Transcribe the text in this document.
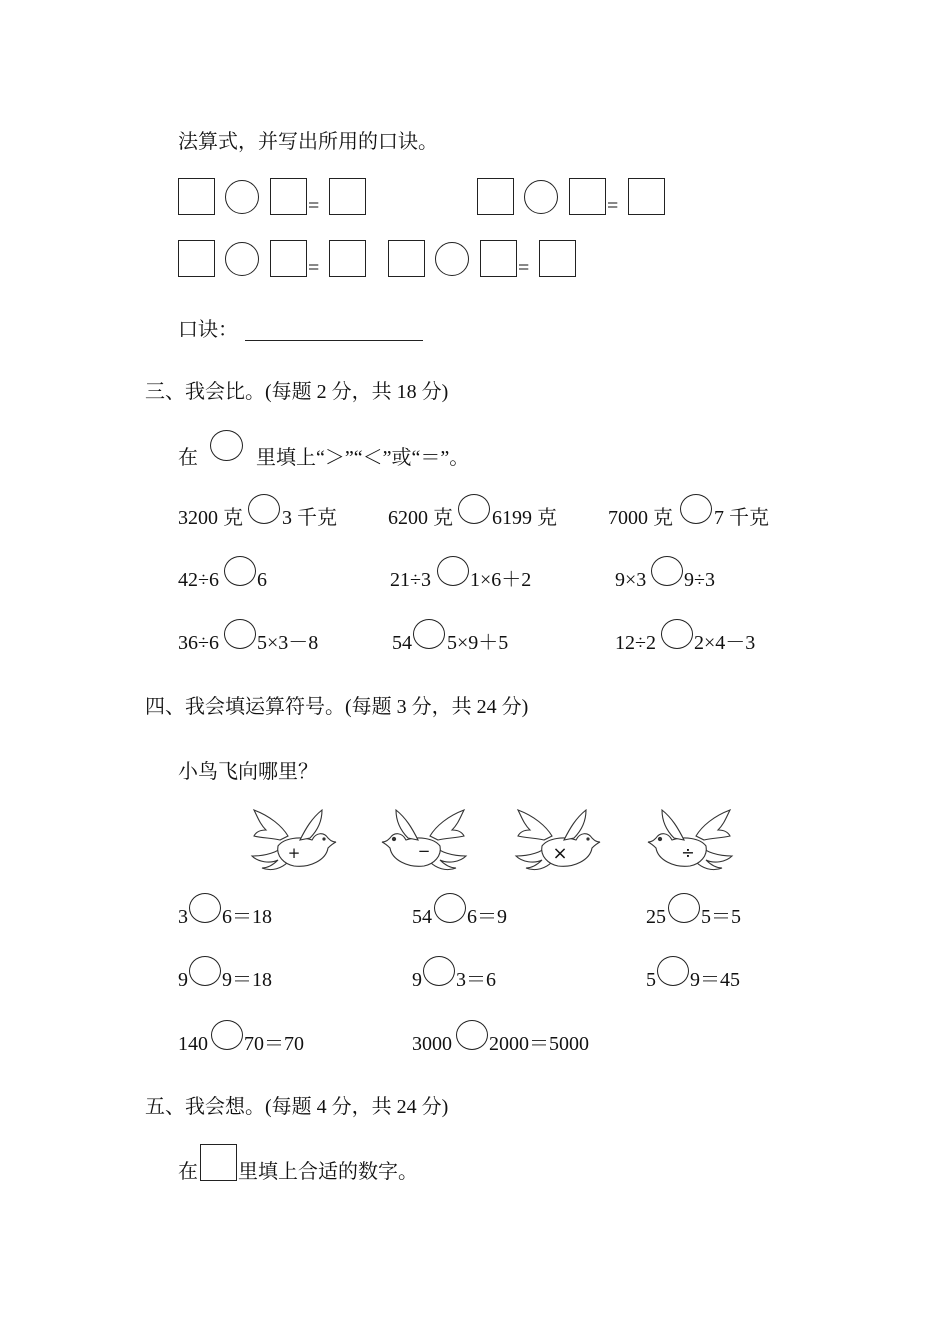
法算式，并写出所用的口诀。
=	=
=	=
口诀：
三、我会比。(每题 2 分，共 18 分)
在	里填上“＞”“＜”或“＝”。
3200 克 3 千克	6200 克 6199 克	7000 克 7 千克
42÷6 6	21÷3 1×6＋2	9×3 9÷3
36÷6 5×3－8	54 5×9＋5	12÷2 2×4－3
四、我会填运算符号。(每题 3 分，共 24 分)
小鸟飞向哪里？
+	−	×	÷
3 6＝18	54 6＝9	25 5＝5
9 9＝18	9 3＝6	5 9＝45
140 70＝70	3000 2000＝5000
五、我会想。(每题 4 分，共 24 分)
在 里填上合适的数字。
